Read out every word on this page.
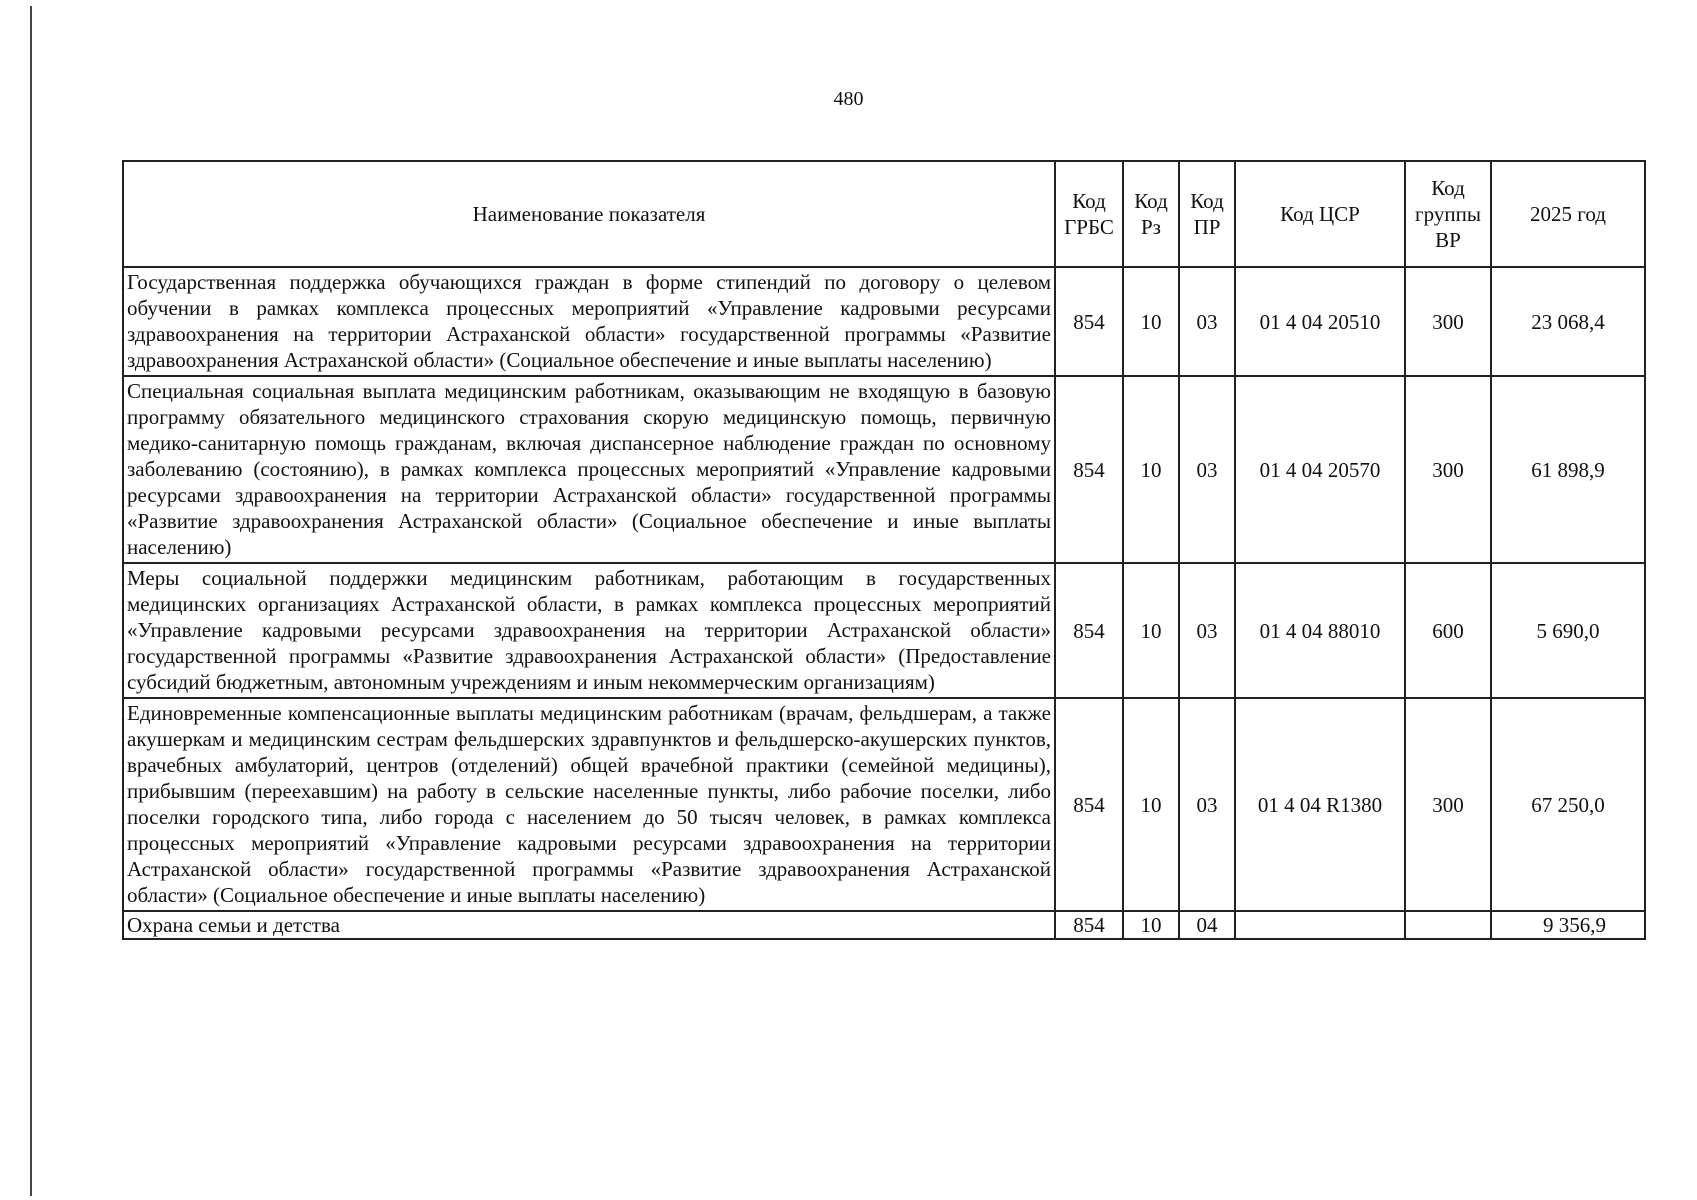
480
Наименование показателя	Код ГРБС	Код Рз	Код ПР	Код ЦСР	Код группы ВР	2025 год
Государственная поддержка обучающихся граждан в форме стипендий по договору о целевом обучении в рамках комплекса процессных мероприятий «Управление кадровыми ресурсами здравоохранения на территории Астраханской области» государственной программы «Развитие здравоохранения Астраханской области» (Социальное обеспечение и иные выплаты населению)	854	10	03	01 4 04 20510	300	23 068,4
Специальная социальная выплата медицинским работникам, оказывающим не входящую в базовую программу обязательного медицинского страхования скорую медицинскую помощь, первичную медико-санитарную помощь гражданам, включая диспансерное наблюдение граждан по основному заболеванию (состоянию), в рамках комплекса процессных мероприятий «Управление кадровыми ресурсами здравоохранения на территории Астраханской области» государственной программы «Развитие здравоохранения Астраханской области» (Социальное обеспечение и иные выплаты населению)	854	10	03	01 4 04 20570	300	61 898,9
Меры социальной поддержки медицинским работникам, работающим в государственных медицинских организациях Астраханской области, в рамках комплекса процессных мероприятий «Управление кадровыми ресурсами здравоохранения на территории Астраханской области» государственной программы «Развитие здравоохранения Астраханской области» (Предоставление субсидий бюджетным, автономным учреждениям и иным некоммерческим организациям)	854	10	03	01 4 04 88010	600	5 690,0
Единовременные компенсационные выплаты медицинским работникам (врачам, фельдшерам, а также акушеркам и медицинским сестрам фельдшерских здравпунктов и фельдшерско-акушерских пунктов, врачебных амбулаторий, центров (отделений) общей врачебной практики (семейной медицины), прибывшим (переехавшим) на работу в сельские населенные пункты, либо рабочие поселки, либо поселки городского типа, либо города с населением до 50 тысяч человек, в рамках комплекса процессных мероприятий «Управление кадровыми ресурсами здравоохранения на территории Астраханской области» государственной программы «Развитие здравоохранения Астраханской области» (Социальное обеспечение и иные выплаты населению)	854	10	03	01 4 04 R1380	300	67 250,0
Охрана семьи и детства	854	10	04			9 356,9
